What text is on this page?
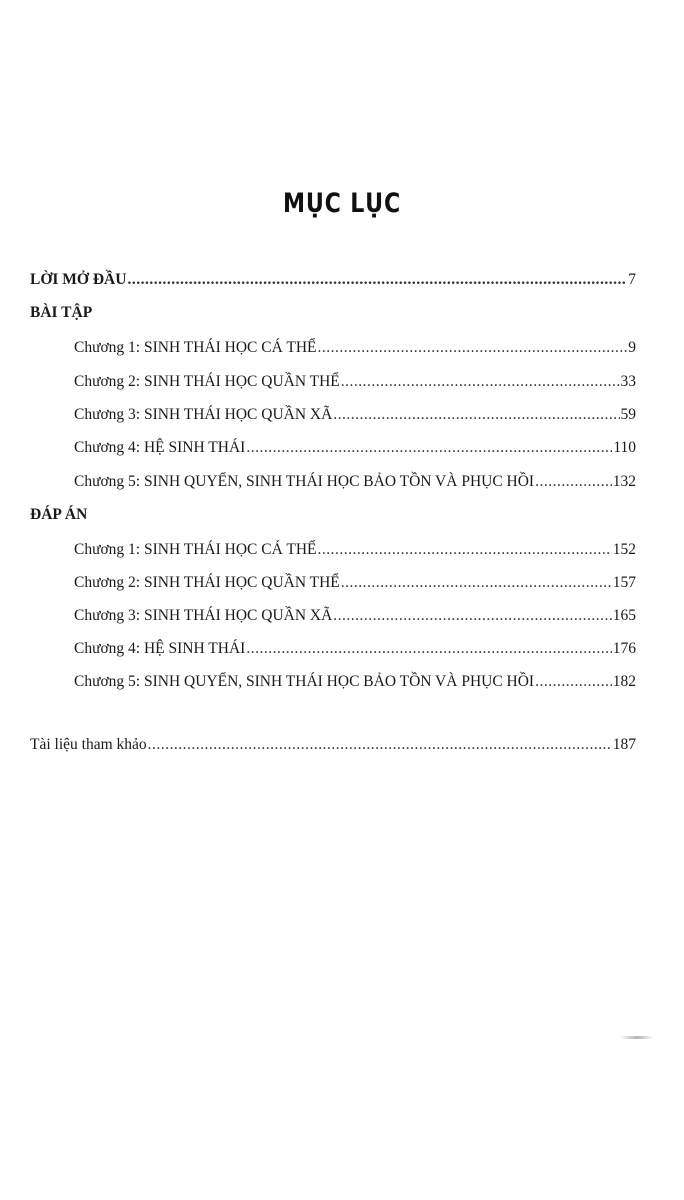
MỤC LỤC
LỜI MỞ ĐẦU .....	7
BÀI TẬP
Chương 1: SINH THÁI HỌC CÁ THỂ .....	9
Chương 2: SINH THÁI HỌC QUẦN THỂ .....	33
Chương 3: SINH THÁI HỌC QUẦN XÃ .....	59
Chương 4: HỆ SINH THÁI .....	110
Chương 5: SINH QUYỂN, SINH THÁI HỌC BẢO TỒN VÀ PHỤC HỒI .....	132
ĐÁP ÁN
Chương 1: SINH THÁI HỌC CÁ THỂ .....	152
Chương 2: SINH THÁI HỌC QUẦN THỂ .....	157
Chương 3: SINH THÁI HỌC QUẦN XÃ .....	165
Chương 4: HỆ SINH THÁI .....	176
Chương 5: SINH QUYỂN, SINH THÁI HỌC BẢO TỒN VÀ PHỤC HỒI .....	182
Tài liệu tham khảo .....	187
